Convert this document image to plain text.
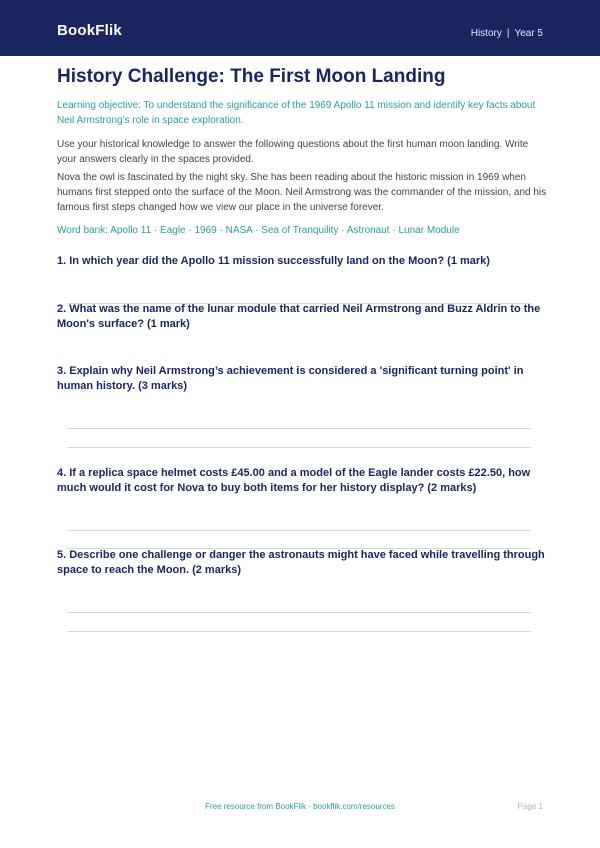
BookFlik	History | Year 5
History Challenge: The First Moon Landing

Learning objective: To understand the significance of the 1969 Apollo 11 mission and identify key facts about Neil Armstrong’s role in space exploration.

Use your historical knowledge to answer the following questions about the first human moon landing. Write your answers clearly in the spaces provided.

Nova the owl is fascinated by the night sky. She has been reading about the historic mission in 1969 when humans first stepped onto the surface of the Moon. Neil Armstrong was the commander of the mission, and his famous first steps changed how we view our place in the universe forever.

Word bank: Apollo 11 · Eagle · 1969 · NASA · Sea of Tranquility · Astronaut · Lunar Module

1. In which year did the Apollo 11 mission successfully land on the Moon? (1 mark)

2. What was the name of the lunar module that carried Neil Armstrong and Buzz Aldrin to the Moon's surface? (1 mark)

3. Explain why Neil Armstrong’s achievement is considered a 'significant turning point' in human history. (3 marks)

4. If a replica space helmet costs £45.00 and a model of the Eagle lander costs £22.50, how much would it cost for Nova to buy both items for her history display? (2 marks)

5. Describe one challenge or danger the astronauts might have faced while travelling through space to reach the Moon. (2 marks)

Free resource from BookFlik · bookflik.com/resources	Page 1
